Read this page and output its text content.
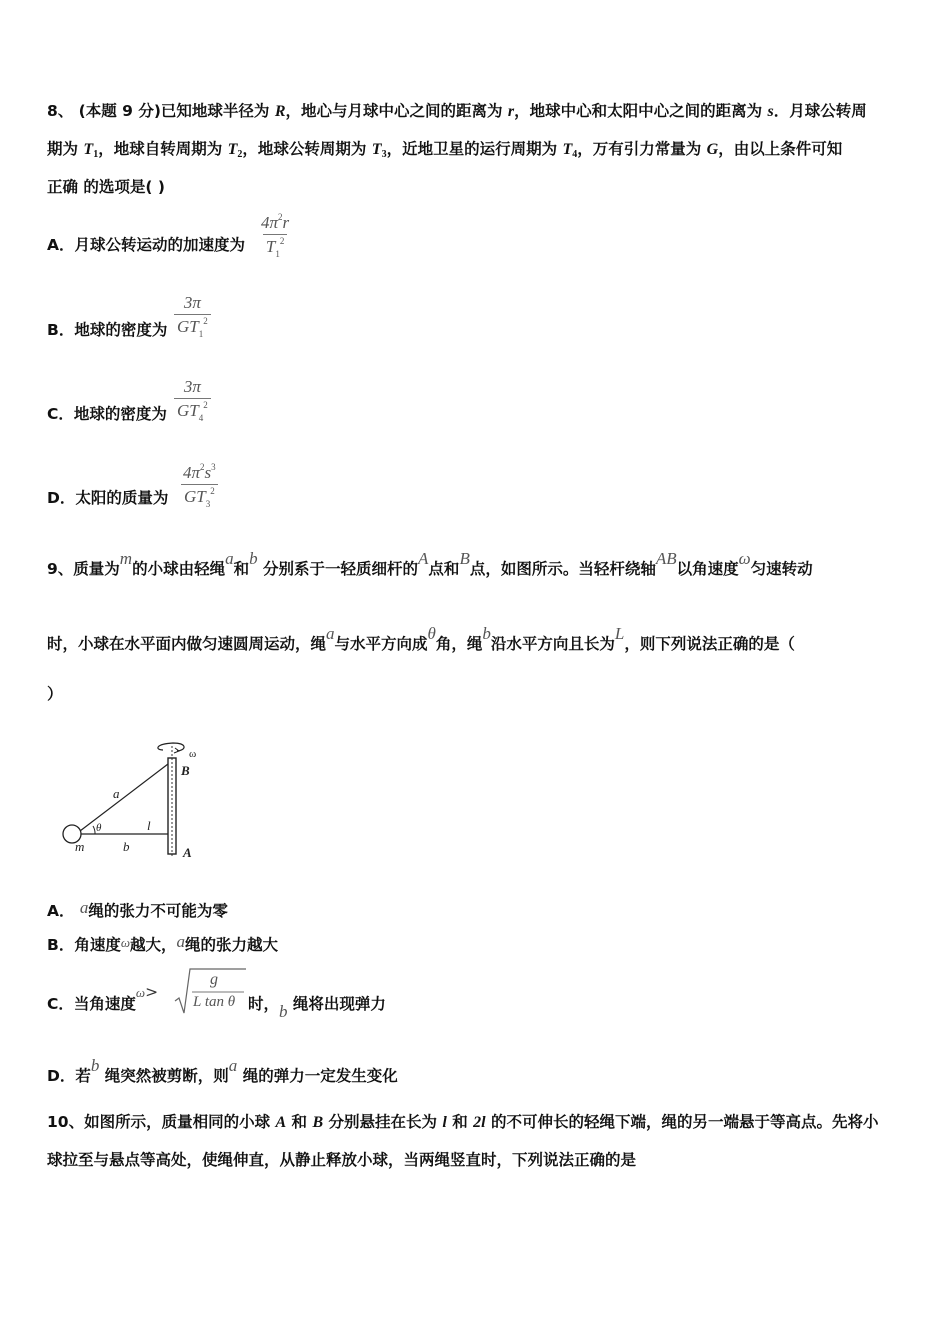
8、 (本题 9 分)已知地球半径为 R，地心与月球中心之间的距离为 r，地球中心和太阳中心之间的距离为 s．月球公转周
期为 $T_1$，地球自转周期为 $T_2$，地球公转周期为 $T_3$，近地卫星的运行周期为 $T_4$，万有引力常量为 G，由以上条件可知
正确 的选项是( )
A．月球公转运动的加速度为 $\frac{4\pi^2r}{T_1^2}$
B．地球的密度为 $\frac{3\pi}{GT_1^2}$
C．地球的密度为 $\frac{3\pi}{GT_4^2}$
D．太阳的质量为 $\frac{4\pi^2s^3}{GT_3^2}$
9、质量为m的小球由轻绳a和b 分别系于一轻质细杆的A点和B点，如图所示。当轻杆绕轴AB以角速度ω匀速转动
时，小球在水平面内做匀速圆周运动，绳a与水平方向成θ角，绳b沿水平方向且长为L，则下列说法正确的是（
）
ω
B
A
a
b
l
θ
m
A． a绳的张力不可能为零
B．角速度ω越大，a绳的张力越大
C．当角速度$^\omega$>
g
L tan θ 时，b 绳将出现弹力
D．若b 绳突然被剪断，则a 绳的弹力一定发生变化
10、如图所示，质量相同的小球 A 和 B 分别悬挂在长为 l 和 2l 的不可伸长的轻绳下端，绳的另一端悬于等高点。先将小
球拉至与悬点等高处，使绳伸直，从静止释放小球，当两绳竖直时，下列说法正确的是
